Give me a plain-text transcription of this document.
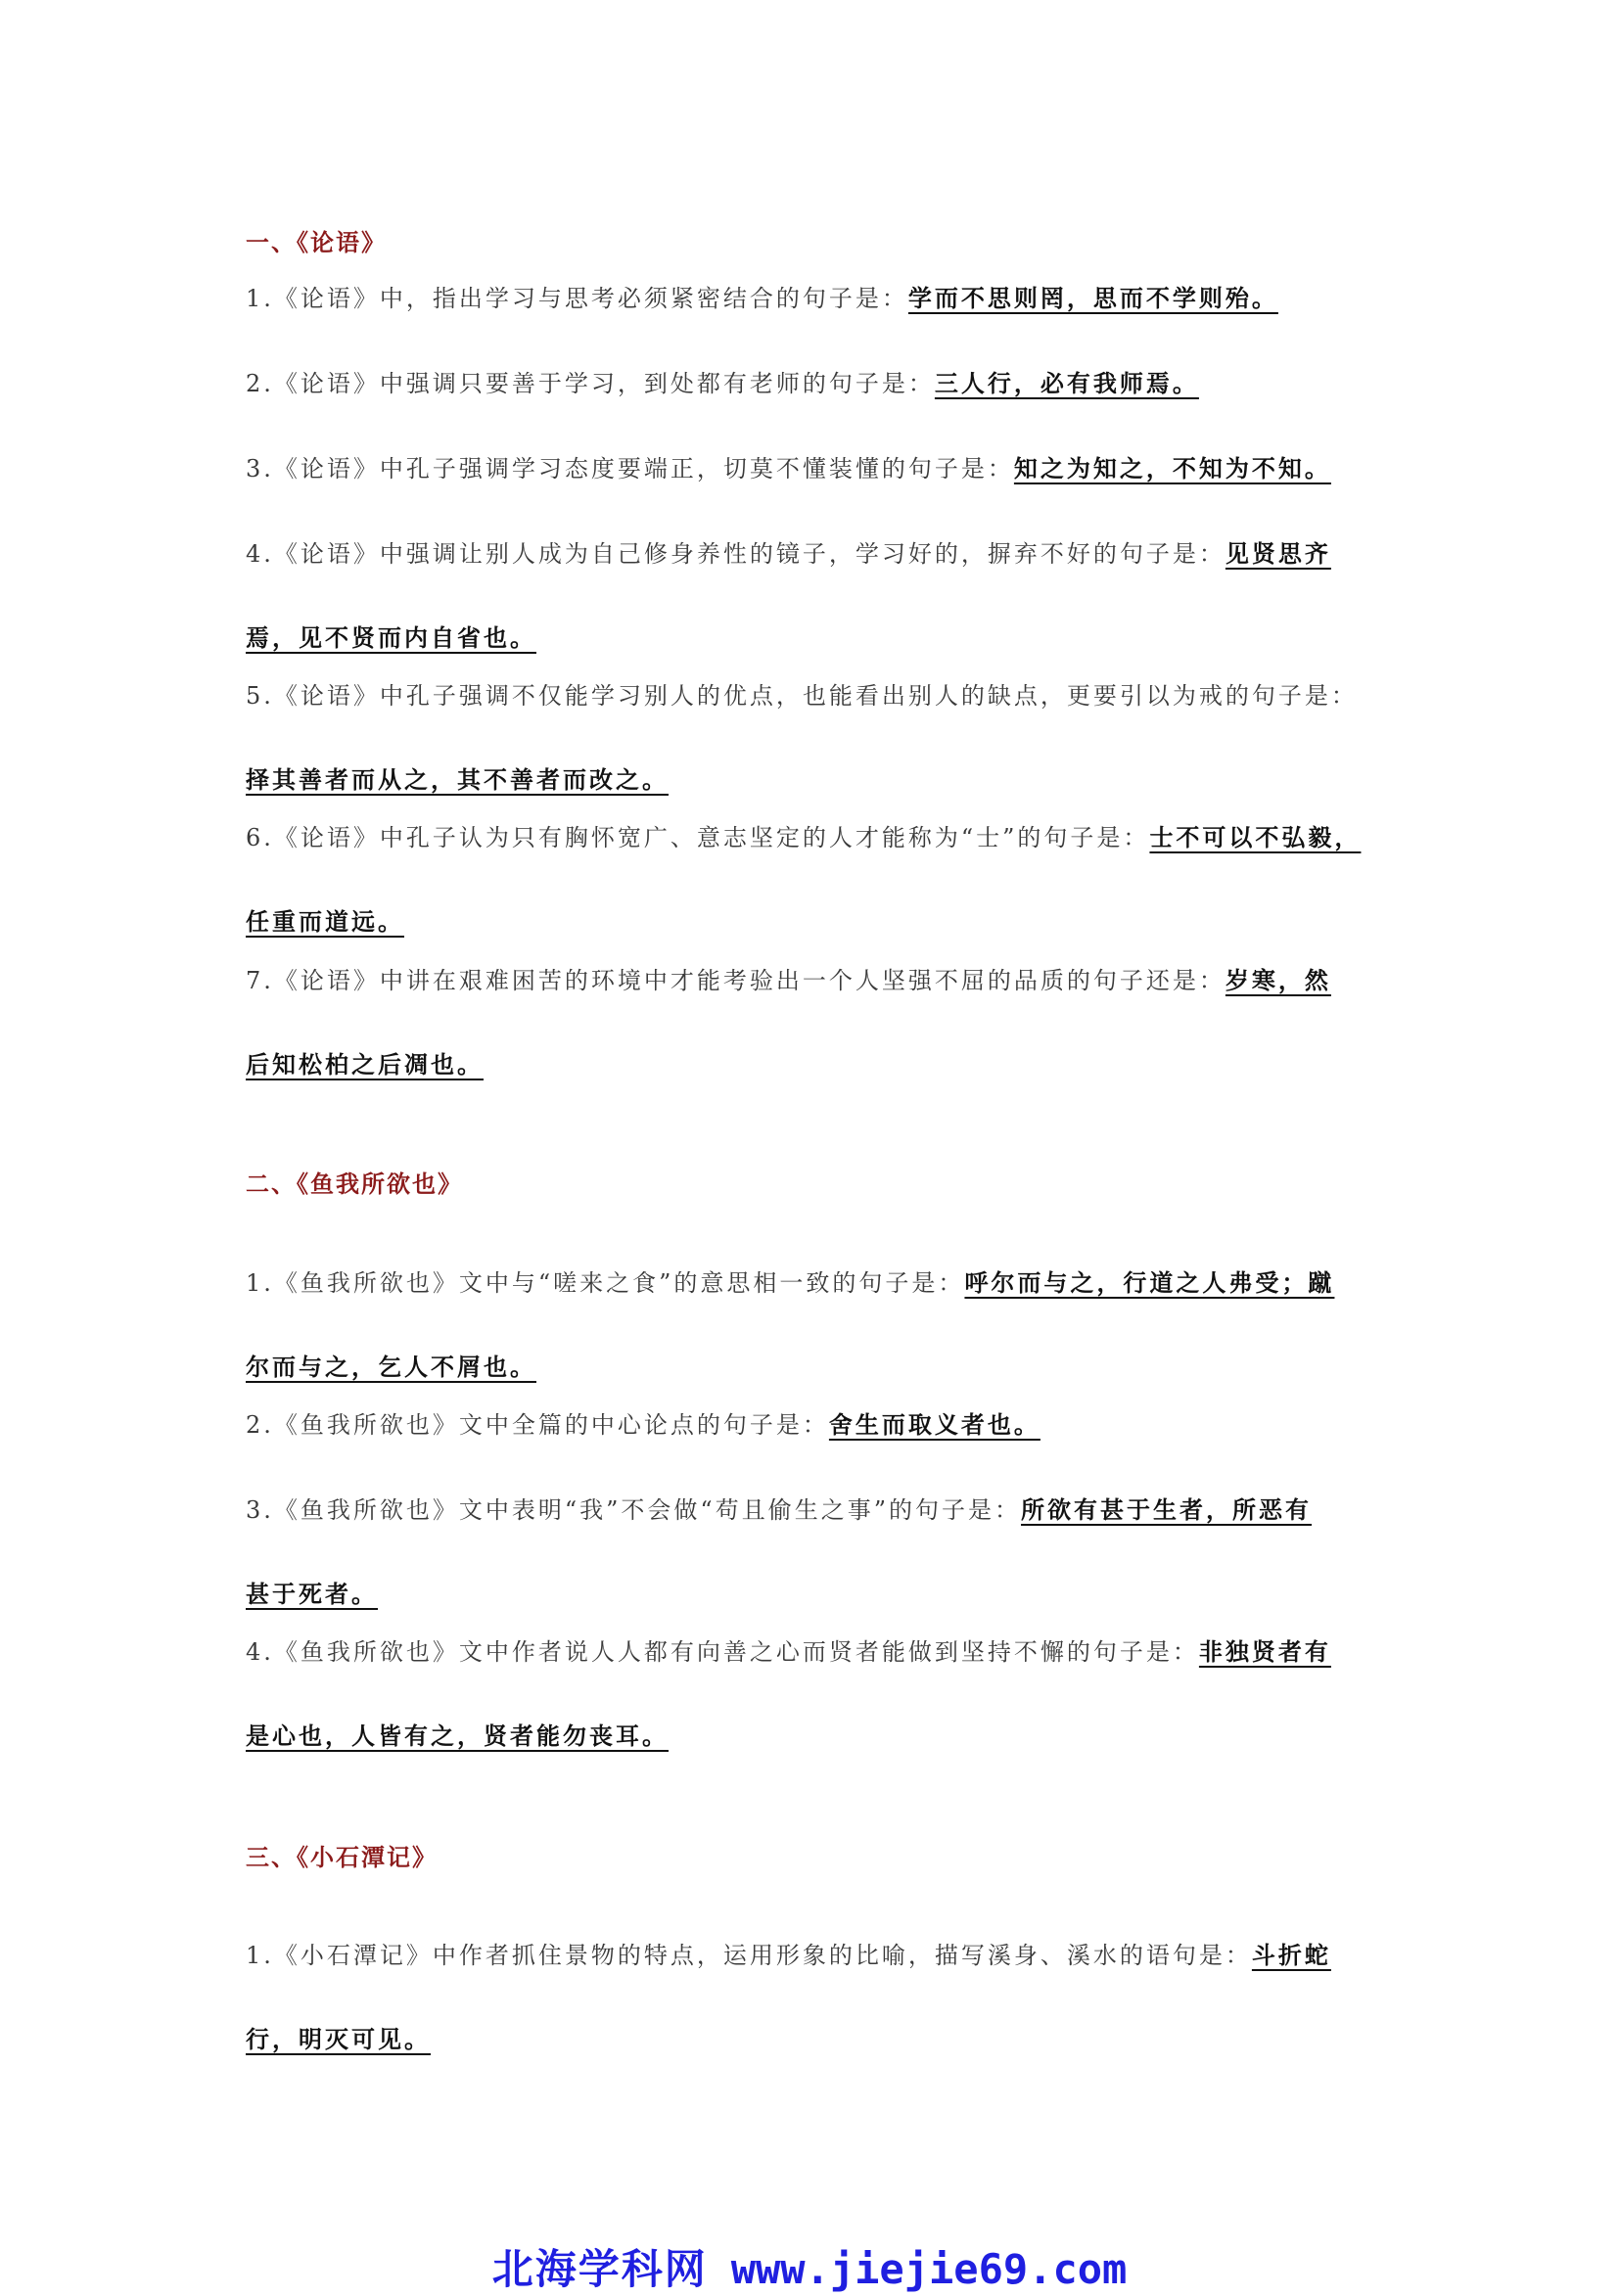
一、《论语》
1.《论语》中，指出学习与思考必须紧密结合的句子是：学而不思则罔，思而不学则殆。
2.《论语》中强调只要善于学习，到处都有老师的句子是：三人行，必有我师焉。
3.《论语》中孔子强调学习态度要端正，切莫不懂装懂的句子是：知之为知之，不知为不知。
4.《论语》中强调让别人成为自己修身养性的镜子，学习好的，摒弃不好的句子是：见贤思齐
焉，见不贤而内自省也。
5.《论语》中孔子强调不仅能学习别人的优点，也能看出别人的缺点，更要引以为戒的句子是：
择其善者而从之，其不善者而改之。
6.《论语》中孔子认为只有胸怀宽广、意志坚定的人才能称为“士”的句子是：士不可以不弘毅，
任重而道远。
7.《论语》中讲在艰难困苦的环境中才能考验出一个人坚强不屈的品质的句子还是：岁寒，然
后知松柏之后凋也。
二、《鱼我所欲也》
1.《鱼我所欲也》文中与“嗟来之食”的意思相一致的句子是：呼尔而与之，行道之人弗受；蹴
尔而与之，乞人不屑也。
2.《鱼我所欲也》文中全篇的中心论点的句子是：舍生而取义者也。
3.《鱼我所欲也》文中表明“我”不会做“苟且偷生之事”的句子是：所欲有甚于生者，所恶有
甚于死者。
4.《鱼我所欲也》文中作者说人人都有向善之心而贤者能做到坚持不懈的句子是：非独贤者有
是心也，人皆有之，贤者能勿丧耳。
三、《小石潭记》
1.《小石潭记》中作者抓住景物的特点，运用形象的比喻，描写溪身、溪水的语句是：斗折蛇
行，明灭可见。
北海学科网 www.jiejie69.com
